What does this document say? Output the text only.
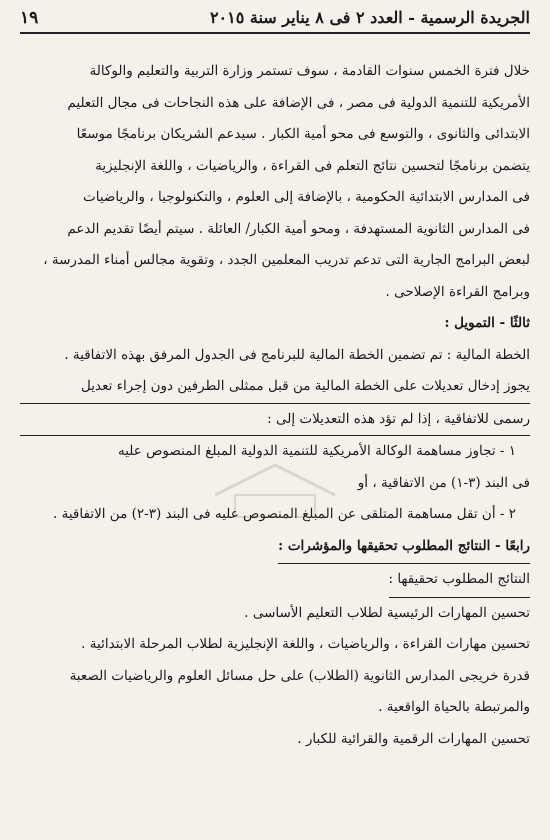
الجريدة الرسمية - العدد ٢ فى ٨ يناير سنة ٢٠١٥
١٩
خلال فترة الخمس سنوات القادمة ، سوف تستمر وزارة التربية والتعليم والوكالة
الأمريكية للتنمية الدولية فى مصر ، فى الإضافة على هذه النجاحات فى مجال التعليم
الابتدائى والثانوى ، والتوسع فى محو أمية الكبار . سيدعم الشريكان برنامجًا موسعًا
يتضمن برنامجًا لتحسين نتائج التعلم فى القراءة ، والرياضيات ، واللغة الإنجليزية
فى المدارس الابتدائية الحكومية ، بالإضافة إلى العلوم ، والتكنولوجيا ، والرياضيات
فى المدارس الثانوية المستهدفة ، ومحو أمية الكبار/ العائلة . سيتم أيضًا تقديم الدعم
لبعض البرامج الجارية التى تدعم تدريب المعلمين الجدد ، وتقوية مجالس أمناء المدرسة ،
وبرامج القراءة الإصلاحى .
ثالثًا - التمويل :
الخطة المالية : تم تضمين الخطة المالية للبرنامج فى الجدول المرفق بهذه الاتفاقية .
يجوز إدخال تعديلات على الخطة المالية من قبل ممثلى الطرفين دون إجراء تعديل
رسمى للاتفاقية ، إذا لم تؤد هذه التعديلات إلى :
١ - تجاوز مساهمة الوكالة الأمريكية للتنمية الدولية المبلغ المنصوص عليه
فى البند (٣-١) من الاتفاقية ، أو
٢ - أن تقل مساهمة المتلقى عن المبلغ المنصوص عليه فى البند (٣-٢) من الاتفاقية .
رابعًا - النتائج المطلوب تحقيقها والمؤشرات :
النتائج المطلوب تحقيقها :
تحسين المهارات الرئيسية لطلاب التعليم الأساسى .
تحسين مهارات القراءة ، والرياضيات ، واللغة الإنجليزية لطلاب المرحلة الابتدائية .
قدرة خريجى المدارس الثانوية (الطلاب) على حل مسائل العلوم والرياضيات الصعبة
والمرتبطة بالحياة الواقعية .
تحسين المهارات الرقمية والقرائية للكبار .
